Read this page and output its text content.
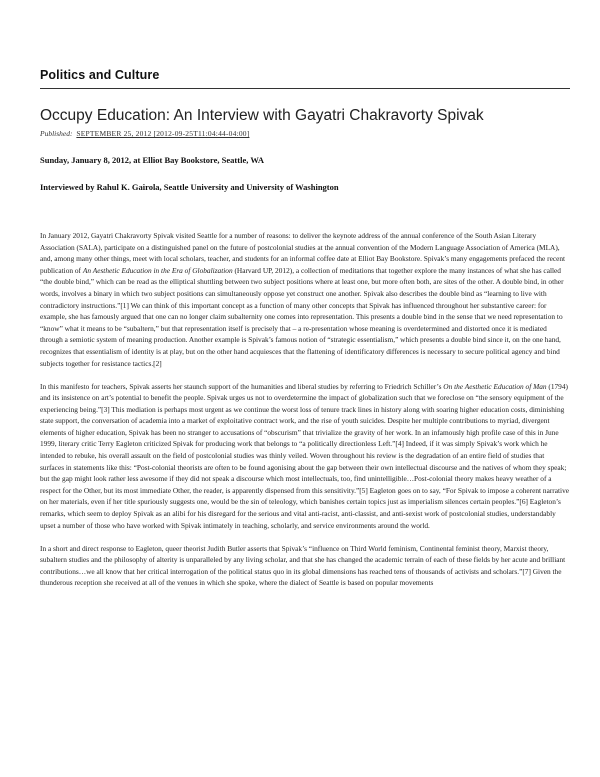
Politics and Culture
Occupy Education: An Interview with Gayatri Chakravorty Spivak
Published: SEPTEMBER 25, 2012 [2012-09-25T11:04:44-04:00]
Sunday, January 8, 2012, at Elliot Bay Bookstore, Seattle, WA
Interviewed by Rahul K. Gairola, Seattle University and University of Washington

In January 2012, Gayatri Chakravorty Spivak visited Seattle for a number of reasons: to deliver the keynote address of the annual conference of the South Asian Literary Association (SALA), participate on a distinguished panel on the future of postcolonial studies at the annual convention of the Modern Language Association of America (MLA), and, among many other things, meet with local scholars, teacher, and students for an informal coffee date at Elliot Bay Bookstore. Spivak’s many engagements prefaced the recent publication of An Aesthetic Education in the Era of Globalization (Harvard UP, 2012), a collection of meditations that together explore the many instances of what she has called “the double bind,” which can be read as the elliptical shuttling between two subject positions where at least one, but more often both, are sites of the other. A double bind, in other words, involves a binary in which two subject positions can simultaneously oppose yet construct one another. Spivak also describes the double bind as “learning to live with contradictory instructions.”[1] We can think of this important concept as a function of many other concepts that Spivak has influenced throughout her substantive career: for example, she has famously argued that one can no longer claim subalternity one comes into representation. This presents a double bind in the sense that we need representation to “know” what it means to be “subaltern,” but that representation itself is precisely that – a re-presentation whose meaning is overdetermined and distorted once it is mediated through a semiotic system of meaning production. Another example is Spivak’s famous notion of “strategic essentialism,” which presents a double bind since it, on the one hand, recognizes that essentialism of identity is at play, but on the other hand acquiesces that the flattening of identificatory differences is necessary to secure political agency and bind subjects together for resistance tactics.[2]

In this manifesto for teachers, Spivak asserts her staunch support of the humanities and liberal studies by referring to Friedrich Schiller’s On the Aesthetic Education of Man (1794) and its insistence on art’s potential to benefit the people. Spivak urges us not to overdetermine the impact of globalization such that we foreclose on “the sensory equipment of the experiencing being.”[3] This mediation is perhaps most urgent as we continue the worst loss of tenure track lines in history along with soaring higher education costs, diminishing state support, the conversation of academia into a market of exploitative contract work, and the rise of youth suicides. Despite her multiple contributions to myriad, divergent elements of higher education, Spivak has been no stranger to accusations of “obscurism” that trivialize the gravity of her work. In an infamously high profile case of this in June 1999, literary critic Terry Eagleton criticized Spivak for producing work that belongs to “a politically directionless Left.”[4] Indeed, if it was simply Spivak’s work which he intended to rebuke, his overall assault on the field of postcolonial studies was thinly veiled. Woven throughout his review is the degradation of an entire field of studies that surfaces in statements like this: “Post-colonial theorists are often to be found agonising about the gap between their own intellectual discourse and the natives of whom they speak; but the gap might look rather less awesome if they did not speak a discourse which most intellectuals, too, find unintelligible…Post-colonial theory makes heavy weather of a respect for the Other, but its most immediate Other, the reader, is apparently dispensed from this sensitivity.”[5] Eagleton goes on to say, “For Spivak to impose a coherent narrative on her materials, even if her title spuriously suggests one, would be the sin of teleology, which banishes certain topics just as imperialism silences certain peoples.”[6] Eagleton’s remarks, which seem to deploy Spivak as an alibi for his disregard for the serious and vital anti-racist, anti-classist, and anti-sexist work of postcolonial studies, understandably upset a number of those who have worked with Spivak intimately in teaching, scholarly, and service environments around the world.

In a short and direct response to Eagleton, queer theorist Judith Butler asserts that Spivak’s “influence on Third World feminism, Continental feminist theory, Marxist theory, subaltern studies and the philosophy of alterity is unparalleled by any living scholar, and that she has changed the academic terrain of each of these fields by her acute and brilliant contributions…we all know that her critical interrogation of the political status quo in its global dimensions has reached tens of thousands of activists and scholars.”[7] Given the thunderous reception she received at all of the venues in which she spoke, where the dialect of Seattle is based on popular movements
